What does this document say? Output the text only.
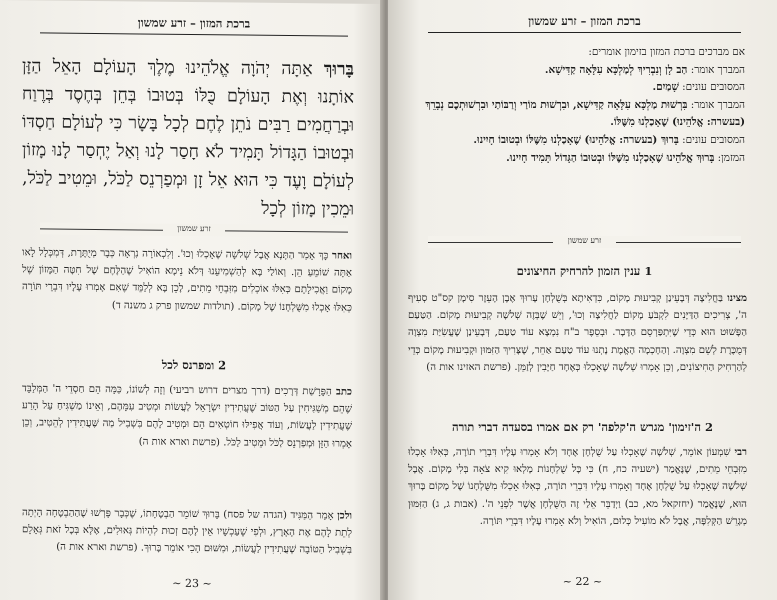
ברכת המזון – זרע שמשון
בָּרוּךְ אַתָּה יְהֹוָה אֱלֹהֵינוּ מֶלֶךְ הָעוֹלָם הָאֵל הַזָּן אוֹתָנוּ וְאֶת הָעוֹלָם כֻּלּוֹ בְּטוּבוֹ בְּחֵן בְּחֶסֶד בְּרֶוַח וּבְרַחֲמִים רַבִּים נֹתֵן לֶחֶם לְכָל בָּשָׂר כִּי לְעוֹלָם חַסְדּוֹ וּבְטוּבוֹ הַגָּדוֹל תָּמִיד לֹא חָסַר לָנוּ וְאַל יֶחְסַר לָנוּ מָזוֹן לְעוֹלָם וָעֶד כִּי הוּא אֵל זָן וּמְפַרְנֵס לַכֹּל, וּמֵטִיב לַכֹּל, וּמֵכִין מָזוֹן לְכָל
זרע שמשון
ואחר כָּךְ אָמַר הַתָּנָא אֲבָל שְׁלֹשָׁה שֶׁאָכְלוּ וְכוּ'. וְלִכְאוֹרָה נִרְאָה כְּבָר מְיֻתֶּרֶת, דְּמִכְּלָל לָאו אַתָּה שׁוֹמֵעַ הֵן. וְאוֹלַי בָּא לְהַשְׁמִיעֵנוּ דְּלֹא נֵימָא הוֹאִיל שֶׁהַלֶּחֶם שֶׁל חִטָּה הַמָּזוֹן שֶׁל מָקוֹם וַאֲכִילָתָם כְּאִלּוּ אוֹכְלִים מִזִּבְחֵי מֵתִים, לָכֵן בָּא לְלַמֵּד שֶׁאִם אָמְרוּ עָלָיו דִּבְרֵי תּוֹרָה כְּאִלּוּ אָכְלוּ מִשֻּׁלְחָנוֹ שֶׁל מָקוֹם. (תולדות שמשון פרק ג משנה ד)
2 ומפרנס לכל
כתב הַפָּרָשַׁת דְּרָכִים (דרך מצרים דרוש רביעי) וְזֶה לְשׁוֹנוֹ, כַּמָּה הֵם חַסְדֵי ה' הַמְּלַבֵּד שֶׁהֵם מְשַׁגִּיחִין עַל הַטּוֹב שֶׁעֲתִידִין יִשְׂרָאֵל לַעֲשׂוֹת וּמְטִיב עִמָּהֶם, וְאֵינוֹ מַשְׁגִּיחַ עַל הָרַע שֶׁעֲתִידִין לַעֲשׂוֹת, וְעוֹד אֲפִילּוּ חוֹטְאִים הֵם וּמְטִיב לָהֶם בִּשְׁבִיל מַה שֶּׁעֲתִידִין לְהֵטִיב, וְכֵן אָמְרוּ הַזָּן וּמְפַרְנֵס לַכֹּל וּמֵטִיב לַכֹּל. (פרשת וארא אות ה)
ולכן אָמַר הַמַּגִּיד (הגדה של פסח) בָּרוּךְ שׁוֹמֵר הַבְטָחָתוֹ, שֶׁכְּבָר פָּרְשׁוּ שֶׁהַהַבְטָחָה הָיְתָה לְתֵת לָהֶם אֶת הָאָרֶץ, וּלְפִי שֶׁעַכְשָׁיו אֵין לָהֶם זְכוּת לִהְיוֹת גְּאוּלִים, אֶלָּא בְּכָל זֹאת גְּאָלָם בִּשְׁבִיל הַטּוֹבָה שֶׁעֲתִידִין לַעֲשׂוֹת, וּמִשּׁוּם הָכִי אוֹמֵר בָּרוּךְ. (פרשת וארא אות ה)
~ 23 ~
ברכת המזון – זרע שמשון
אם מברכים ברכת המזון בזימון אומרים:
המברך אומר: הַב לָן וְנִבְרִיךְ לְמַלְכָּא עִלָּאָה קַדִּישָׁא.
המסובים עונים: שָׁמַיִם.
המברך אומר: בִּרְשׁוּת מַלְכָּא עִלָּאָה קַדִּישָׁא, וּבִרְשׁוּת מוֹרַי וְרַבּוֹתַי וּבִרְשׁוּתְכֶם נְבָרֵךְ (בעשרה: אֱלֹהֵינוּ) שֶׁאָכַלְנוּ מִשֶּׁלּוֹ.
המסובים עונים: בָּרוּךְ (בעשרה: אֱלֹהֵינוּ) שֶׁאָכַלְנוּ מִשֶּׁלּוֹ וּבְטוּבוֹ חָיִינוּ.
המזמן: בָּרוּךְ אֱלֹהֵינוּ שֶׁאָכַלְנוּ מִשֶּׁלּוֹ וּבְטוּבוֹ הַגָּדוֹל תָּמִיד חָיִינוּ.
זרע שמשון
1 ענין הזמון להרחיק החיצונים
מצינו בַּחֲלִיצָה דְּבָעֵינַן קְבִיעוּת מָקוֹם, כִּדְאִיתָא בְּשֻׁלְחָן עָרוּךְ אֶבֶן הָעֵזֶר סִימָן קס"ט סְעִיף ה', צְרִיכִים הַדַּיָּנִים לִקְבֹּעַ מָקוֹם לַחֲלִיצָה וְכוּ', וְיֵשׁ שֶׁבְּזֶה שְׁלֹשָׁה קְבִיעוּת מָקוֹם. הַטַּעַם הַפָּשׁוּט הוּא כְּדֵי שֶׁיִּתְפַּרְסֵם הַדָּבָר. וּבְסֵפֶר ב"ח נִמְצָא עוֹד טַעַם, דְּבָעֵינַן שֶׁעֲשִׂיַּת מִצְוָה דְּמֻכֶּרֶת לְשֵׁם מִצְוָה. וְהַחָכְמָה הָאֱמֶת נָתְנוּ עוֹד טַעַם אַחֵר, שֶׁצָּרִיךְ הַזִּמּוּן וּקְבִיעוּת מָקוֹם כְּדֵי לְהַרְחִיק הַחִיצוֹנִים, וְכֵן אָמְרוּ שְׁלֹשָׁה שֶׁאָכְלוּ כְּאֶחָד חַיָּבִין לְזַמֵּן. (פרשת האזינו אות ה)
2 ה'זימון' מגרש ה'קלפה' רק אם אמרו בסעדה דברי תורה
רבי שִׁמְעוֹן אוֹמֵר, שְׁלֹשָׁה שֶׁאָכְלוּ עַל שֻׁלְחָן אֶחָד וְלֹא אָמְרוּ עָלָיו דִּבְרֵי תוֹרָה, כְּאִלּוּ אָכְלוּ מִזִּבְחֵי מֵתִים, שֶׁנֶּאֱמַר (ישעיה כח, ח) כִּי כָּל שֻׁלְחָנוֹת מָלְאוּ קִיא צֹאָה בְּלִי מָקוֹם. אֲבָל שְׁלֹשָׁה שֶׁאָכְלוּ עַל שֻׁלְחָן אֶחָד וְאָמְרוּ עָלָיו דִּבְרֵי תוֹרָה, כְּאִלּוּ אָכְלוּ מִשֻּׁלְחָנוֹ שֶׁל מָקוֹם בָּרוּךְ הוּא, שֶׁנֶּאֱמַר (יחזקאל מא, כב) וַיְדַבֵּר אֵלַי זֶה הַשֻּׁלְחָן אֲשֶׁר לִפְנֵי ה'. (אבות ג, ג) הַזִּמּוּן מְגָרֵשׁ הַקְּלִפָּה, אֲבָל לֹא מוֹעִיל כְּלוּם, הוֹאִיל וְלֹא אָמְרוּ עָלָיו דִּבְרֵי תּוֹרָה.
~ 22 ~
